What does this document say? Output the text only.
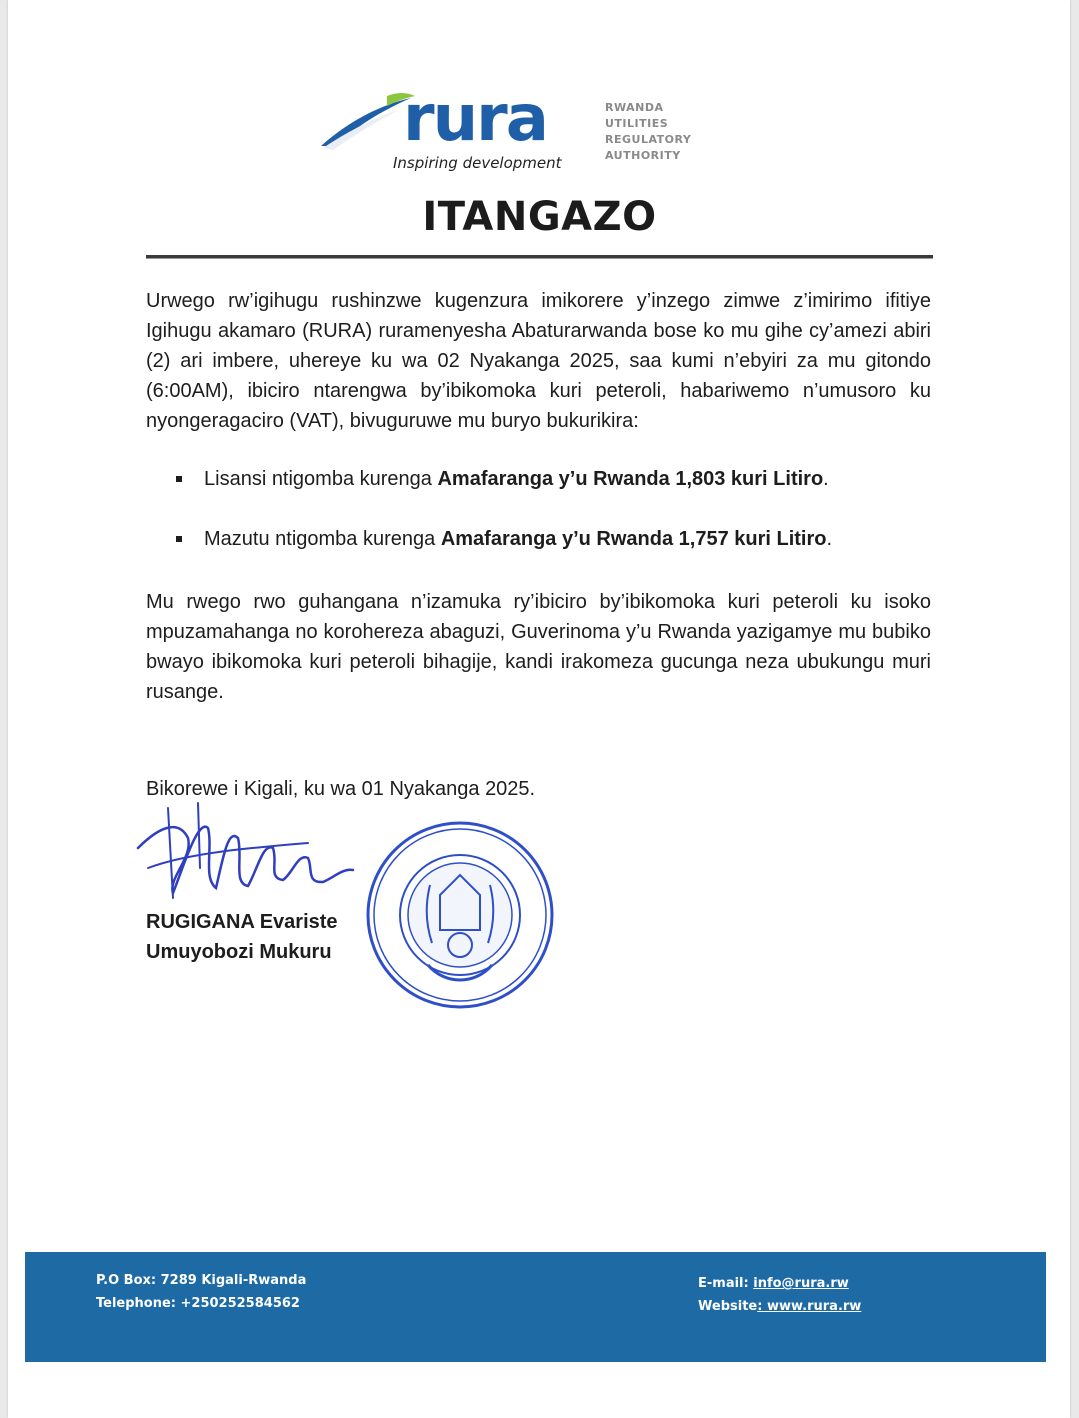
rura
Inspiring development
RWANDA
UTILITIES
REGULATORY
AUTHORITY
ITANGAZO
Urwego rw’igihugu rushinzwe kugenzura imikorere y’inzego zimwe z’imirimo ifitiye Igihugu akamaro (RURA) ruramenyesha Abaturarwanda bose ko mu gihe cy’amezi abiri (2) ari imbere, uhereye ku wa 02 Nyakanga 2025, saa kumi n’ebyiri za mu gitondo (6:00AM), ibiciro ntarengwa by’ibikomoka kuri peteroli, habariwemo n’umusoro ku nyongeragaciro (VAT), bivuguruwe mu buryo bukurikira:
Lisansi ntigomba kurenga Amafaranga y’u Rwanda 1,803 kuri Litiro.
Mazutu ntigomba kurenga Amafaranga y’u Rwanda 1,757 kuri Litiro.
Mu rwego rwo guhangana n’izamuka ry’ibiciro by’ibikomoka kuri peteroli ku isoko mpuzamahanga no korohereza abaguzi, Guverinoma y’u Rwanda yazigamye mu bubiko bwayo ibikomoka kuri peteroli bihagije, kandi irakomeza gucunga neza ubukungu muri rusange.
Bikorewe i Kigali, ku wa 01 Nyakanga 2025.
RUGIGANA Evariste
Umuyobozi Mukuru
P.O Box: 7289 Kigali-Rwanda
Telephone: +250252584562
E-mail: info@rura.rw
Website: www.rura.rw
